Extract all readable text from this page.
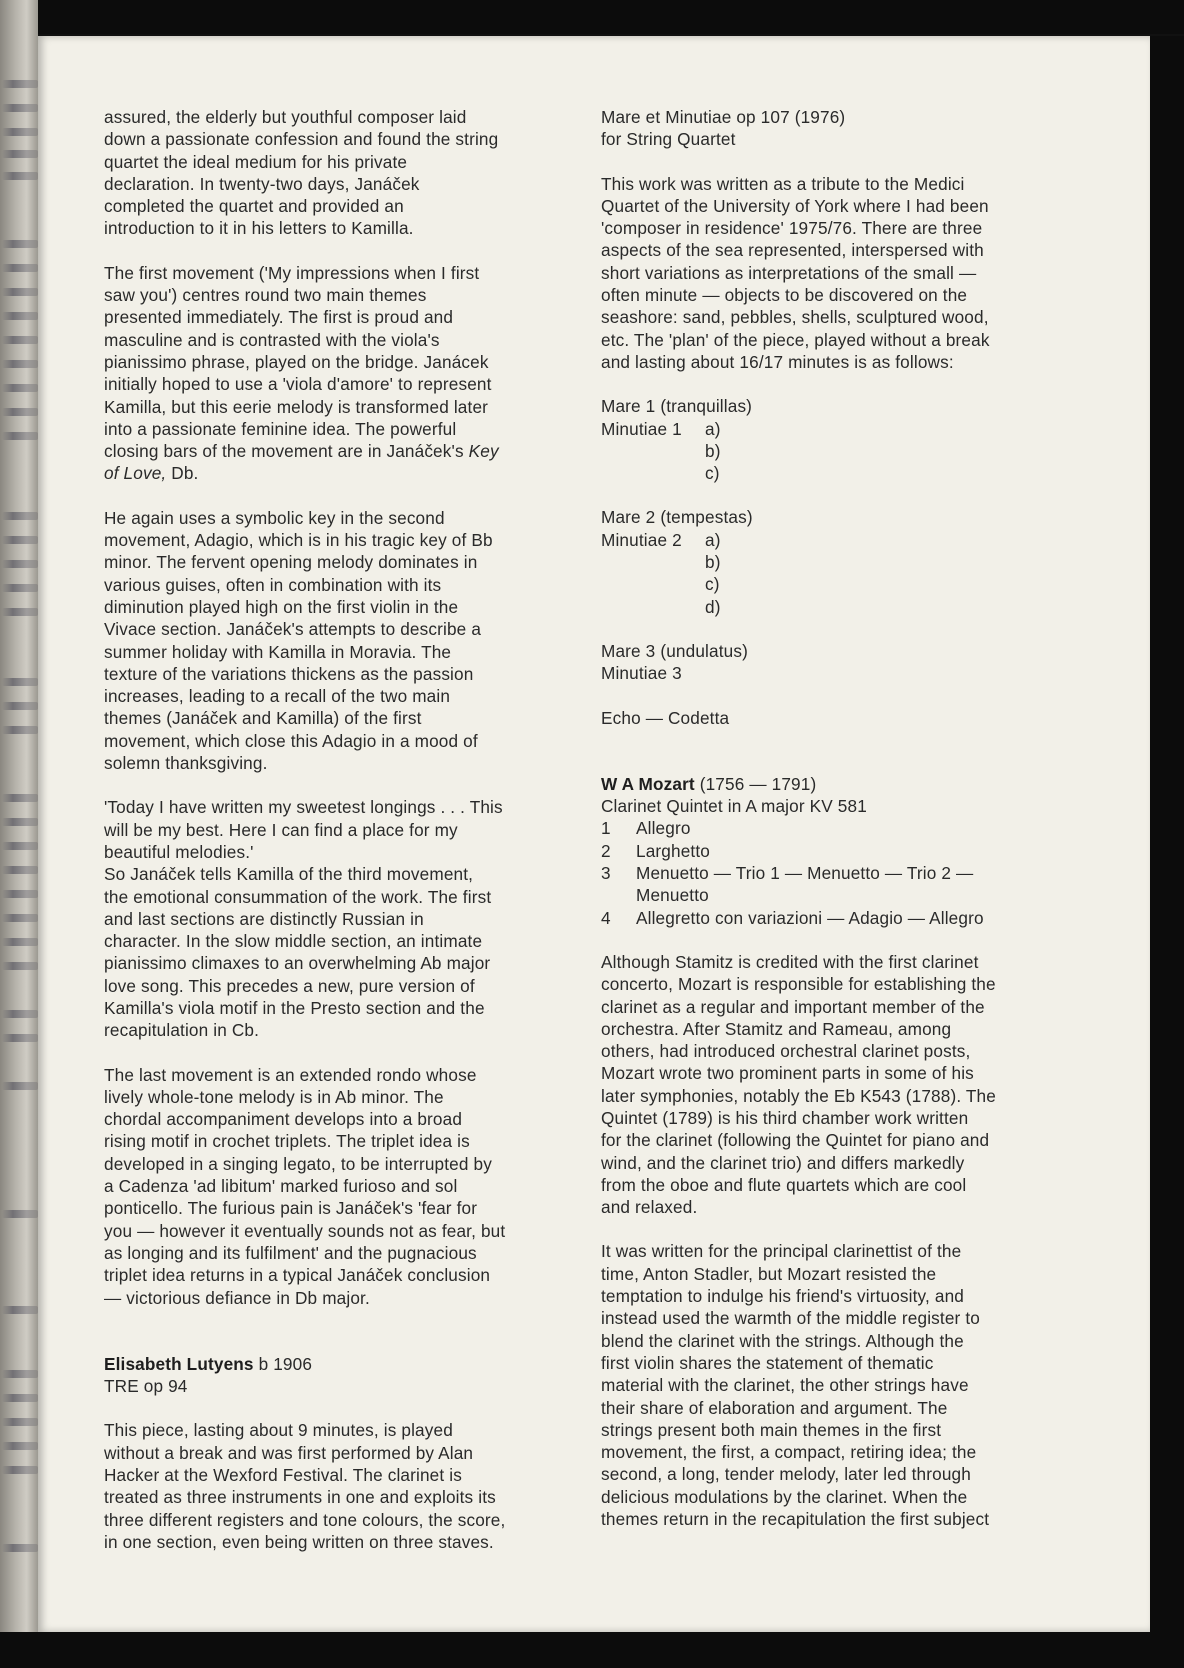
assured, the elderly but youthful composer laid
down a passionate confession and found the string
quartet the ideal medium for his private
declaration. In twenty-two days, Janáček
completed the quartet and provided an
introduction to it in his letters to Kamilla.

The first movement ('My impressions when I first
saw you') centres round two main themes
presented immediately. The first is proud and
masculine and is contrasted with the viola's
pianissimo phrase, played on the bridge. Janácek
initially hoped to use a 'viola d'amore' to represent
Kamilla, but this eerie melody is transformed later
into a passionate feminine idea. The powerful
closing bars of the movement are in Janáček's Key
of Love, Db.

He again uses a symbolic key in the second
movement, Adagio, which is in his tragic key of Bb
minor. The fervent opening melody dominates in
various guises, often in combination with its
diminution played high on the first violin in the
Vivace section. Janáček's attempts to describe a
summer holiday with Kamilla in Moravia. The
texture of the variations thickens as the passion
increases, leading to a recall of the two main
themes (Janáček and Kamilla) of the first
movement, which close this Adagio in a mood of
solemn thanksgiving.

'Today I have written my sweetest longings . . . This
will be my best. Here I can find a place for my
beautiful melodies.'
So Janáček tells Kamilla of the third movement,
the emotional consummation of the work. The first
and last sections are distinctly Russian in
character. In the slow middle section, an intimate
pianissimo climaxes to an overwhelming Ab major
love song. This precedes a new, pure version of
Kamilla's viola motif in the Presto section and the
recapitulation in Cb.

The last movement is an extended rondo whose
lively whole-tone melody is in Ab minor. The
chordal accompaniment develops into a broad
rising motif in crochet triplets. The triplet idea is
developed in a singing legato, to be interrupted by
a Cadenza 'ad libitum' marked furioso and sol
ponticello. The furious pain is Janáček's 'fear for
you — however it eventually sounds not as fear, but
as longing and its fulfilment' and the pugnacious
triplet idea returns in a typical Janáček conclusion
— victorious defiance in Db major.

Elisabeth Lutyens b 1906

TRE op 94

This piece, lasting about 9 minutes, is played
without a break and was first performed by Alan
Hacker at the Wexford Festival. The clarinet is
treated as three instruments in one and exploits its
three different registers and tone colours, the score,
in one section, even being written on three staves.

Mare et Minutiae op 107 (1976)
for String Quartet

This work was written as a tribute to the Medici
Quartet of the University of York where I had been
'composer in residence' 1975/76. There are three
aspects of the sea represented, interspersed with
short variations as interpretations of the small —
often minute — objects to be discovered on the
seashore: sand, pebbles, shells, sculptured wood,
etc. The 'plan' of the piece, played without a break
and lasting about 16/17 minutes is as follows:

Mare 1 (tranquillas)
Minutiae 1	a)
b)
c)
Mare 2 (tempestas)
Minutiae 2	a)
b)
c)
d)
Mare 3 (undulatus)
Minutiae 3

Echo — Codetta

W A Mozart (1756 — 1791)

Clarinet Quintet in A major KV 581

1	Allegro
2	Larghetto
3	Menuetto — Trio 1 — Menuetto — Trio 2 —
Menuetto
4	Allegretto con variazioni — Adagio — Allegro

Although Stamitz is credited with the first clarinet
concerto, Mozart is responsible for establishing the
clarinet as a regular and important member of the
orchestra. After Stamitz and Rameau, among
others, had introduced orchestral clarinet posts,
Mozart wrote two prominent parts in some of his
later symphonies, notably the Eb K543 (1788). The
Quintet (1789) is his third chamber work written
for the clarinet (following the Quintet for piano and
wind, and the clarinet trio) and differs markedly
from the oboe and flute quartets which are cool
and relaxed.

It was written for the principal clarinettist of the
time, Anton Stadler, but Mozart resisted the
temptation to indulge his friend's virtuosity, and
instead used the warmth of the middle register to
blend the clarinet with the strings. Although the
first violin shares the statement of thematic
material with the clarinet, the other strings have
their share of elaboration and argument. The
strings present both main themes in the first
movement, the first, a compact, retiring idea; the
second, a long, tender melody, later led through
delicious modulations by the clarinet. When the
themes return in the recapitulation the first subject
